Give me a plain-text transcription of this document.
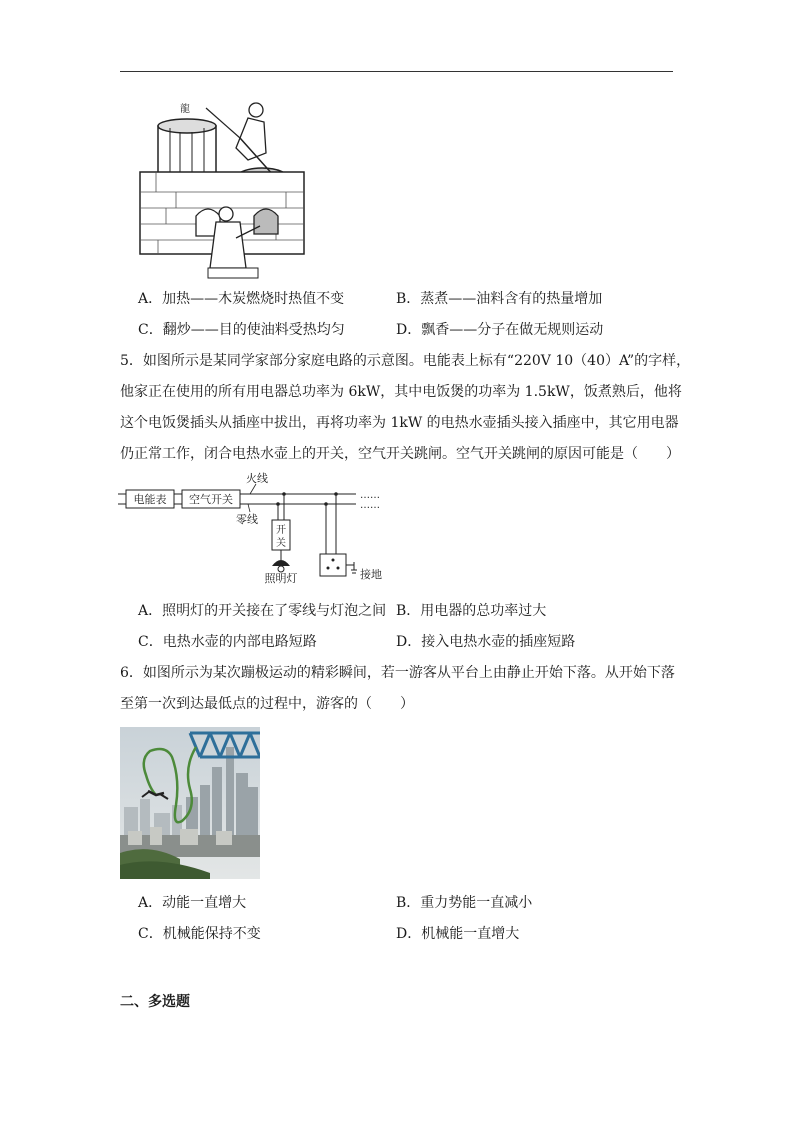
龍
A．加热——木炭燃烧时热值不变	B．蒸煮——油料含有的热量增加
C．翻炒——目的使油料受热均匀	D．飘香——分子在做无规则运动
5．如图所示是某同学家部分家庭电路的示意图。电能表上标有“220V 10（40）A”的字样，
他家正在使用的所有用电器总功率为 6kW，其中电饭煲的功率为 1.5kW，饭煮熟后，他将
这个电饭煲插头从插座中拔出，再将功率为 1kW 的电热水壶插头接入插座中，其它用电器
仍正常工作，闭合电热水壶上的开关，空气开关跳闸。空气开关跳闸的原因可能是（　　）
电能表 空气开关
火线
零线
……
……
开
关
照明灯	接地
A．照明灯的开关接在了零线与灯泡之间 B．用电器的总功率过大
C．电热水壶的内部电路短路	D．接入电热水壶的插座短路
6．如图所示为某次蹦极运动的精彩瞬间，若一游客从平台上由静止开始下落。从开始下落
至第一次到达最低点的过程中，游客的（　　）
A．动能一直增大	B．重力势能一直减小
C．机械能保持不变	D．机械能一直增大
二、多选题
